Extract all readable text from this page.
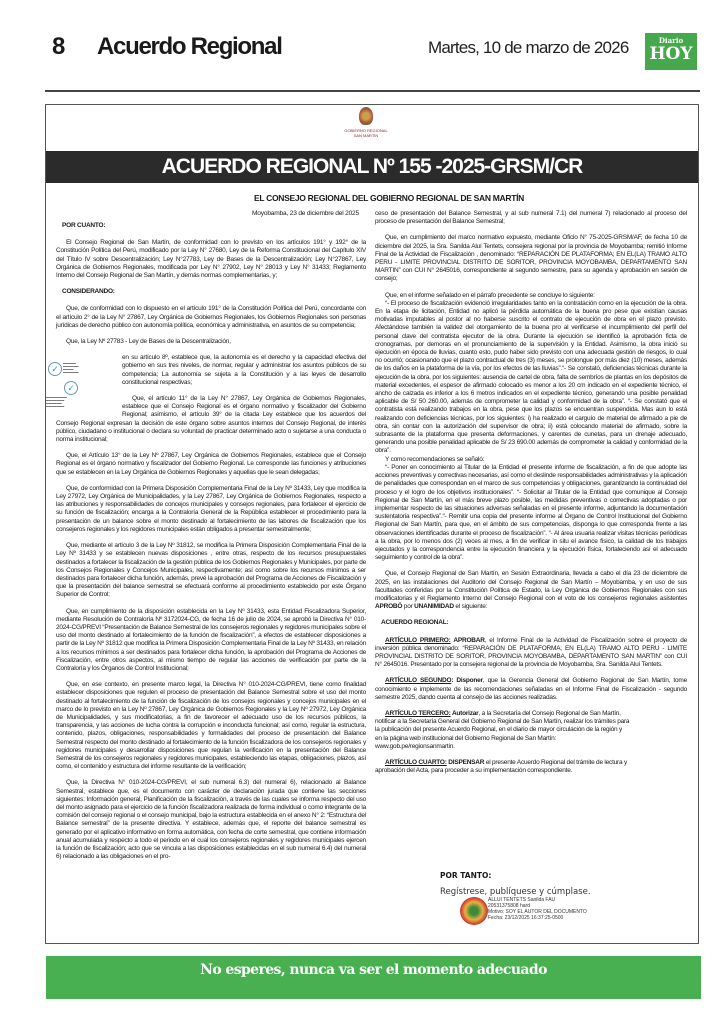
8 Acuerdo Regional	Martes, 10 de marzo de 2026	Diario
HOY
GOBIERNO REGIONAL SAN MARTÍN
ACUERDO REGIONAL Nº 155 -2025-GRSM/CR
EL CONSEJO REGIONAL DEL GOBIERNO REGIONAL DE SAN MARTÍN
Moyobamba, 23 de diciembre del 2025
POR CUANTO:

El Consejo Regional de San Martín, de conformidad con lo previsto en los artículos 191° y 192° de la Constitución Política del Perú, modificado por la Ley N° 27680, Ley de la Reforma Constitucional del Capítulo XIV del Título IV sobre Descentralización; Ley N°27783, Ley de Bases de la Descentralización; Ley N°27867, Ley Orgánica de Gobiernos Regionales, modificada por Ley N° 27902, Ley N° 28013 y Ley N° 31433; Reglamento Interno del Consejo Regional de San Martín, y demás normas complementarias, y;

CONSIDERANDO:

Que, de conformidad con lo dispuesto en el artículo 191° de la Constitución Política del Perú, concordante con el artículo 2° de la Ley N° 27867, Ley Orgánica de Gobiernos Regionales, los Gobiernos Regionales son personas jurídicas de derecho público con autonomía política, económica y administrativa, en asuntos de su competencia;

Que, la Ley Nº 27783 - Ley de Bases de la Descentralización,

✓
▬▬▬▬▬
▬▬▬▬▬▬
▬▬▬▬
▬▬▬▬▬▬
✓
▬▬▬▬▬▬▬▬
▬▬▬▬▬▬▬
▬▬▬▬▬▬
▬▬▬▬▬▬▬

en su artículo 8º, establece que, la autonomía es el derecho y la capacidad efectiva del gobierno en sus tres niveles, de normar, regular y administrar los asuntos públicos de su competencia; La autonomía se sujeta a la Constitución y a las leyes de desarrollo constitucional respectivas;

Que, el artículo 11° de la Ley N° 27867, Ley Orgánica de Gobiernos Regionales, establece que el Consejo Regional es el órgano normativo y fiscalizador del Gobierno Regional; asimismo, el artículo 39° de la citada Ley establece que los acuerdos del Consejo Regional expresan la decisión de este órgano sobre asuntos internos del Consejo Regional, de interés público, ciudadano o institucional o declara su voluntad de practicar determinado acto o sujetarse a una conducta o norma institucional;

Que, el Artículo 13° de la Ley Nº 27867, Ley Orgánica de Gobiernos Regionales, establece que el Consejo Regional es el órgano normativo y fiscalizador del Gobierno Regional. Le corresponde las funciones y atribuciones que se establecen en la Ley Orgánica de Gobiernos Regionales y aquellas que le sean delegadas;

Que, de conformidad con la Primera Disposición Complementaria Final de la Ley Nº 31433, Ley que modifica la Ley 27972, Ley Orgánica de Municipalidades, y la Ley 27867, Ley Orgánica de Gobiernos Regionales, respecto a las atribuciones y responsabilidades de concejos municipales y consejos regionales, para fortalecer el ejercicio de su función de fiscalización; encarga a la Contraloría General de la República establecer el procedimiento para la presentación de un balance sobre el monto destinado al fortalecimiento de las labores de fiscalización que los consejeros regionales y los regidores municipales están obligados a presentar semestralmente;

Que, mediante el artículo 3 de la Ley Nº 31812, se modifica la Primera Disposición Complementaria Final de la Ley Nº 31433 y se establecen nuevas disposiciones , entre otras, respecto de los recursos presupuestales destinados a fortalecer la fiscalización de la gestión pública de los Gobiernos Regionales y Municipales, por parte de los Consejos Regionales y Concejos Municipales, respectivamente; así como sobre los recursos mínimos a ser destinados para fortalecer dicha función, además, prevé la aprobación del Programa de Acciones de Fiscalización y que la presentación del balance semestral se efectuará conforme al procedimiento establecido por este Órgano Superior de Control;

Que, en cumplimiento de la disposición establecida en la Ley Nº 31433, esta Entidad Fiscalizadora Superior, mediante Resolución de Contraloría Nº 3172024-CG, de fecha 16 de julio de 2024, se aprobó la Directiva N° 010-2024-CG/PREVI “Presentación de Balance Semestral de los consejeros regionales y regidores municipales sobre el uso del monto destinado al fortalecimiento de la función de fiscalización”, a efectos de establecer disposiciones a partir de la Ley Nº 31812 que modifica la Primera Disposición Complementaria Final de la Ley Nº 31433, en relación a los recursos mínimos a ser destinados para fortalecer dicha función, la aprobación del Programa de Acciones de Fiscalización, entre otros aspectos, al mismo tiempo de regular las acciones de verificación por parte de la Contraloría y los Órganos de Control Institucional;

Que, en ese contexto, en presente marco legal, la Directiva N° 010-2024-CG/PREVI, tiene como finalidad establecer disposiciones que regulen el proceso de presentación del Balance Semestral sobre el uso del monto destinado al fortalecimiento de la función de fiscalización de los consejos regionales y concejos municipales en el marco de lo previsto en la Ley Nº 27867, Ley Orgánica de Gobiernos Regionales y la Ley Nº 27972, Ley Orgánica de Municipalidades, y sus modificatorias, a fin de favorecer el adecuado uso de los recursos públicos, la transparencia, y las acciones de lucha contra la corrupción e inconducta funcional; así como, regular la estructura, contenido, plazos, obligaciones, responsabilidades y formalidades del proceso de presentación del Balance Semestral respecto del monto destinado al fortalecimiento de la función fiscalizadora de los consejeros regionales y regidores municipales y desarrollar disposiciones que regulan la verificación en la presentación del Balance Semestral de los consejeros regionales y regidores municipales, estableciendo las etapas, obligaciones, plazos, así como, el contenido y estructura del informe resultante de la verificación;

Que, la Directiva N° 010-2024-CG/PREVI, el sub numeral 6.3) del numeral 6), relacionado al Balance Semestral, establece que, es el documento con carácter de declaración jurada que contiene las secciones siguientes: Información general, Planificación de la fiscalización, a través de las cuales se informa respecto del uso del monto asignado para el ejercicio de la función fiscalizadora realizada de forma individual o como integrante de la comisión del consejo regional o el consejo municipal, bajo la estructura establecida en el anexo N° 2: “Estructura del Balance semestral” de la presente directiva. Y establece, además que, el reporte del balance semestral es generado por el aplicativo informativo en forma automática, con fecha de corte semestral, que contiene información anual acumulada y respecto a todo el periodo en el cual los consejeros regionales y regidores municipales ejercen la función de fiscalización; acto que se vincula a las disposiciones establecidas en el sub numeral 6.4) del numeral 6) relacionado a las obligaciones en el pro-

ceso de presentación del Balance Semestral, y al sub numeral 7.1) del numeral 7) relacionado al proceso del proceso de presentación del Balance Semestral;

Que, en cumplimiento del marco normativo expuesto, mediante Oficio N° 75-2025-GRSM/AF, de fecha 10 de diciembre del 2025, la Sra. Sanilda Aluí Tentets, consejera regional por la provincia de Moyobamba; remitió Informe Final de la Actividad de Fiscalización , denominado: “REPARACIÓN DE PLATAFORMA; EN EL(LA) TRAMO ALTO PERU - LIMITE PROVINCIAL DISTRITO DE SORITOR, PROVINCIA MOYOBAMBA, DEPARTAMENTO SAN MARTIN” con CUI N° 2645016, correspondiente al segundo semestre, para su agenda y aprobación en sesión de consejo;

Que, en el informe señalado en el párrafo precedente se concluye lo siguiente:

“- El proceso de fiscalización evidenció irregularidades tanto en la contratación como en la ejecución de la obra. En la etapa de licitación, Entidad no aplicó la pérdida automática de la buena pro pese que existían causas motivadas imputables al postor al no haberse suscrito el contrato de ejecución de obra en el plazo previsto. Afectándose también la validez del otorgamiento de la buena pro al verificarse el incumplimiento del perfil del personal clave del contratista ejecutor de la obra. Durante la ejecución se identificó la aprobación ficta de cronogramas, por demoras en el pronunciamiento de la supervisión y la Entidad. Asimismo, la obra inició su ejecución en época de lluvias, cuanto esto, pudo haber sido previsto con una adecuada gestión de riesgos, lo cual no ocurrió; ocasionando que el plazo contractual de tres (3) meses, se prolongue por más diez (10) meses, además de los daños en la plataforma de la vía, por los efectos de las lluvias”.“- Se constató, deficiencias técnicas durante la ejecución de la obra, por los siguientes: ausencia de cartel de obra, falta de sembríos de plantas en los depósitos de material excedentes, el espesor de afirmado colocado es menor a los 20 cm indicado en el expediente técnico, el ancho de calzada es inferior a los 6 metros indicados en el expediente técnico, generando una posible penalidad aplicable de S/ 50 260.00, además de comprometer la calidad y conformidad de la obra”. “- Se constató que el contratista está realizando trabajos en la obra, pese que los plazos se encuentran suspendida. Mas aun lo está realizando con deficiencias técnicas, por los siguientes: i) ha realizado el carguío de material de afirmado a pie de obra, sin contar con la autorización del supervisor de obra; ii) está colocando material de afirmado, sobre la subrasante de la plataforma que presenta deformaciones, y carentes de cunetas, para un drenaje adecuado, generando una posible penalidad aplicable de S/ 23 690.00 además de comprometer la calidad y conformidad de la obra”.

Y como recomendaciones se señaló:

“- Poner en conocimiento al Titular de la Entidad el presente informe de fiscalización, a fin de que adopte las acciones preventivas y correctivas necesarias, así como el deslinde responsabilidades administrativas y la aplicación de penalidades que correspondan en el marco de sus competencias y obligaciones, garantizando la continuidad del proceso y el logro de los objetivos institucionales”. “- Solicitar al Titular de la Entidad que comunique al Consejo Regional de San Martín, en el más breve plazo posible, las medidas preventivas o correctivas adoptadas o por implementar respecto de las situaciones adversas señaladas en el presente informe, adjuntando la documentación sustentatoria respectiva”.“- Remitir una copia del presente informe al Órgano de Control Institucional del Gobierno Regional de San Martín, para que, en el ámbito de sus competencias, disponga lo que corresponda frente a las observaciones identificadas durante el proceso de fiscalización”. “- Al área usuaria realizar visitas técnicas periódicas a la obra, por lo menos dos (2) veces al mes, a fin de verificar in situ el avance físico, la calidad de los trabajos ejecutados y la correspondencia entre la ejecución financiera y la ejecución física, fortaleciendo así el adecuado seguimiento y control de la obra”.

Que, el Consejo Regional de San Martín, en Sesión Extraordinaria, llevada a cabo el día 23 de diciembre de 2025, en las instalaciones del Auditorio del Consejo Regional de San Martín – Moyobamba, y en uso de sus facultades conferidas por la Constitución Política de Estado, la Ley Orgánica de Gobiernos Regionales con sus modificatorias y el Reglamento Interno del Consejo Regional con el voto de los consejeros regionales asistentes APROBÓ por UNANIMIDAD el siguiente:

ACUERDO REGIONAL:

ARTÍCULO PRIMERO: APROBAR, el Informe Final de la Actividad de Fiscalización sobre el proyecto de inversión pública denominado: “REPARACIÓN DE PLATAFORMA; EN EL(LA) TRAMO ALTO PERU - LIMITE PROVINCIAL DISTRITO DE SORITOR, PROVINCIA MOYOBAMBA, DEPARTAMENTO SAN MARTIN” con CUI N° 2645016. Presentado por la consejera regional de la provincia de Moyobamba, Sra. Sanilda Aluí Tentets.

ARTÍCULO SEGUNDO: Disponer, que la Gerencia General del Gobierno Regional de San Martín, tome conocimiento e implemente de las recomendaciones señaladas en el Informe Final de Fiscalización - segundo semestre 2025, dando cuenta al consejo de las acciones realizadas.

ARTÍCULO TERCERO: Autorizar, a la Secretaría del Consejo Regional de San Martín, notificar a la Secretaría General del Gobierno Regional de San Martín, realizar los trámites para la publicación del presente Acuerdo Regional, en el diario de mayor circulación de la región y en la página web institucional del Gobierno Regional de San Martín: www.gob.pe/regionsanmartin.

ARTÍCULO CUARTO: DISPENSAR el presente Acuerdo Regional del trámite de lectura y aprobación del Acta, para proceder a su implementación correspondiente.

POR TANTO:
Regístrese, publíquese y cúmplase.
ALLUI TENTETS Sanilda FAU
20531375808 hard
Motivo: SOY EL AUTOR DEL DOCUMENTO
Fecha: 23/12/2025 16:37:25-0500
No esperes, nunca va ser el momento adecuado
